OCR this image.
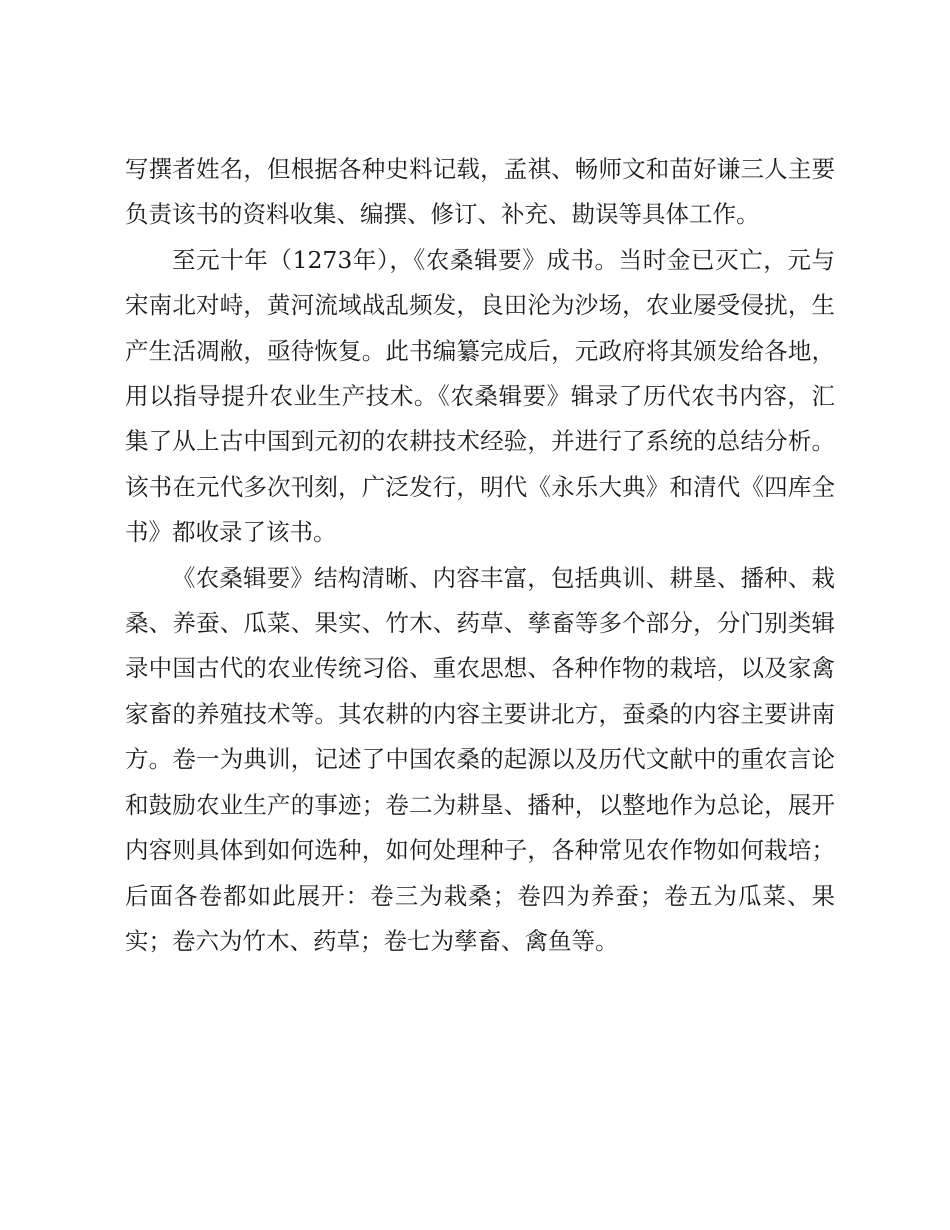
写撰者姓名，但根据各种史料记载，孟祺、畅师文和苗好谦三人主要负责该书的资料收集、编撰、修订、补充、勘误等具体工作。

至元十年（1273年），《农桑辑要》成书。当时金已灭亡，元与宋南北对峙，黄河流域战乱频发，良田沦为沙场，农业屡受侵扰，生产生活凋敝，亟待恢复。此书编纂完成后，元政府将其颁发给各地，用以指导提升农业生产技术。《农桑辑要》辑录了历代农书内容，汇集了从上古中国到元初的农耕技术经验，并进行了系统的总结分析。该书在元代多次刊刻，广泛发行，明代《永乐大典》和清代《四库全书》都收录了该书。

《农桑辑要》结构清晰、内容丰富，包括典训、耕垦、播种、栽桑、养蚕、瓜菜、果实、竹木、药草、孳畜等多个部分，分门别类辑录中国古代的农业传统习俗、重农思想、各种作物的栽培，以及家禽家畜的养殖技术等。其农耕的内容主要讲北方，蚕桑的内容主要讲南方。卷一为典训，记述了中国农桑的起源以及历代文献中的重农言论和鼓励农业生产的事迹；卷二为耕垦、播种，以整地作为总论，展开内容则具体到如何选种，如何处理种子，各种常见农作物如何栽培；后面各卷都如此展开：卷三为栽桑；卷四为养蚕；卷五为瓜菜、果实；卷六为竹木、药草；卷七为孳畜、禽鱼等。
